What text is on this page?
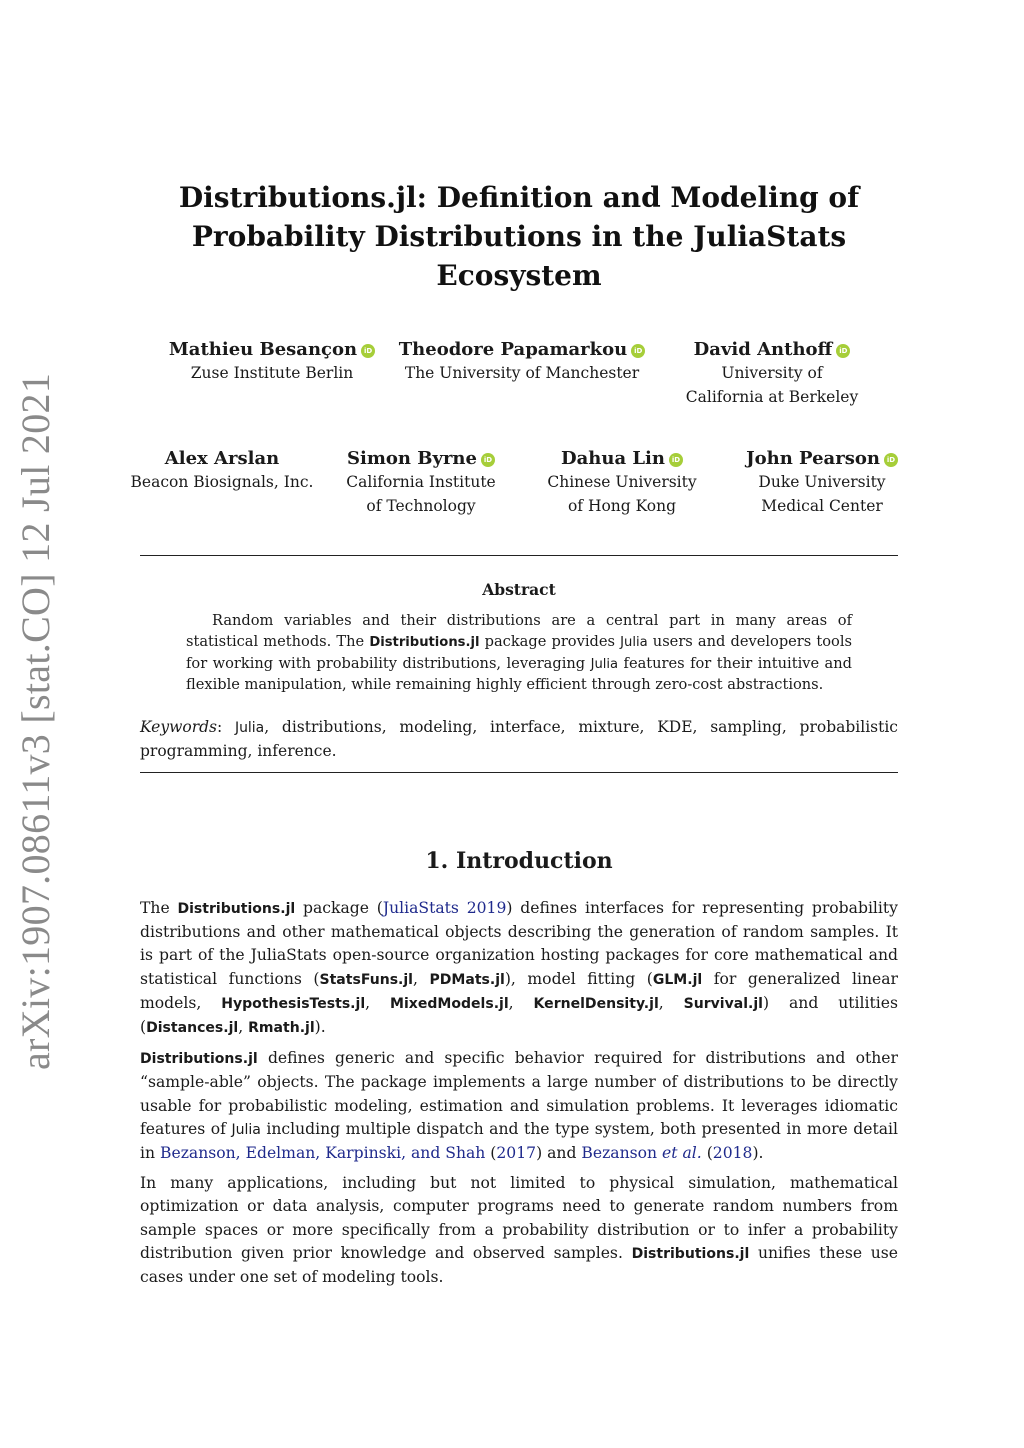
arXiv:1907.08611v3 [stat.CO] 12 Jul 2021
Distributions.jl: Definition and Modeling of
Probability Distributions in the JuliaStats
Ecosystem
Mathieu Besançon iD
Zuse Institute Berlin
Theodore Papamarkou iD
The University of Manchester
David Anthoff iD
University of
California at Berkeley
Alex Arslan
Beacon Biosignals, Inc.
Simon Byrne iD
California Institute
of Technology
Dahua Lin iD
Chinese University
of Hong Kong
John Pearson iD
Duke University
Medical Center
Abstract

Random variables and their distributions are a central part in many areas of statistical methods. The Distributions.jl package provides Julia users and developers tools for working with probability distributions, leveraging Julia features for their intuitive and flexible manipulation, while remaining highly efficient through zero-cost abstractions.

Keywords: Julia, distributions, modeling, interface, mixture, KDE, sampling, probabilistic programming, inference.
1. Introduction

The Distributions.jl package (JuliaStats 2019) defines interfaces for representing probability distributions and other mathematical objects describing the generation of random samples. It is part of the JuliaStats open-source organization hosting packages for core mathematical and statistical functions (StatsFuns.jl, PDMats.jl), model fitting (GLM.jl for generalized linear models, HypothesisTests.jl, MixedModels.jl, KernelDensity.jl, Survival.jl) and utilities (Distances.jl, Rmath.jl).

Distributions.jl defines generic and specific behavior required for distributions and other “sample-able” objects. The package implements a large number of distributions to be directly usable for probabilistic modeling, estimation and simulation problems. It leverages idiomatic features of Julia including multiple dispatch and the type system, both presented in more detail in Bezanson, Edelman, Karpinski, and Shah (2017) and Bezanson et al. (2018).

In many applications, including but not limited to physical simulation, mathematical optimization or data analysis, computer programs need to generate random numbers from sample spaces or more specifically from a probability distribution or to infer a probability distribution given prior knowledge and observed samples. Distributions.jl unifies these use cases under one set of modeling tools.
